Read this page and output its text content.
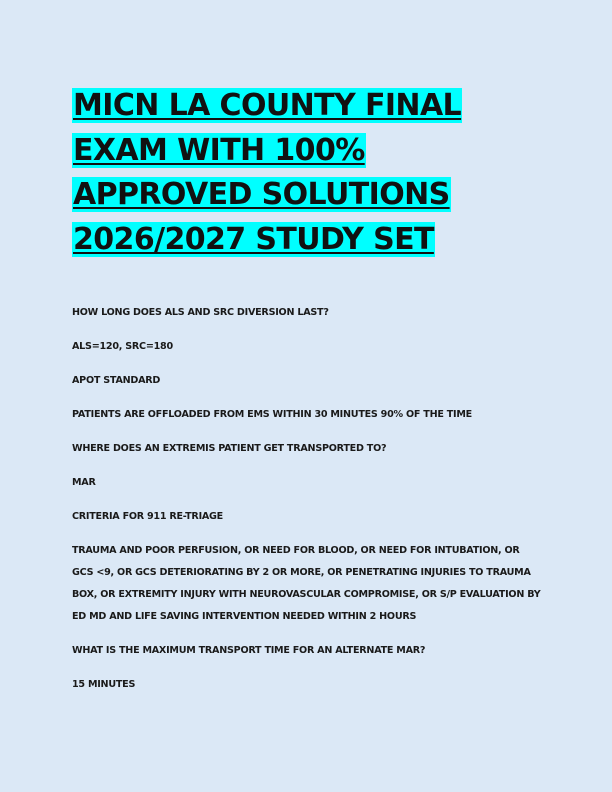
MICN LA COUNTY FINAL EXAM WITH 100% APPROVED SOLUTIONS 2026/2027 STUDY SET

HOW LONG DOES ALS AND SRC DIVERSION LAST?

ALS=120, SRC=180

APOT STANDARD

PATIENTS ARE OFFLOADED FROM EMS WITHIN 30 MINUTES 90% OF THE TIME

WHERE DOES AN EXTREMIS PATIENT GET TRANSPORTED TO?

MAR

CRITERIA FOR 911 RE-TRIAGE

TRAUMA AND POOR PERFUSION, OR NEED FOR BLOOD, OR NEED FOR INTUBATION, OR GCS <9, OR GCS DETERIORATING BY 2 OR MORE, OR PENETRATING INJURIES TO TRAUMA BOX, OR EXTREMITY INJURY WITH NEUROVASCULAR COMPROMISE, OR S/P EVALUATION BY ED MD AND LIFE SAVING INTERVENTION NEEDED WITHIN 2 HOURS

WHAT IS THE MAXIMUM TRANSPORT TIME FOR AN ALTERNATE MAR?

15 MINUTES
